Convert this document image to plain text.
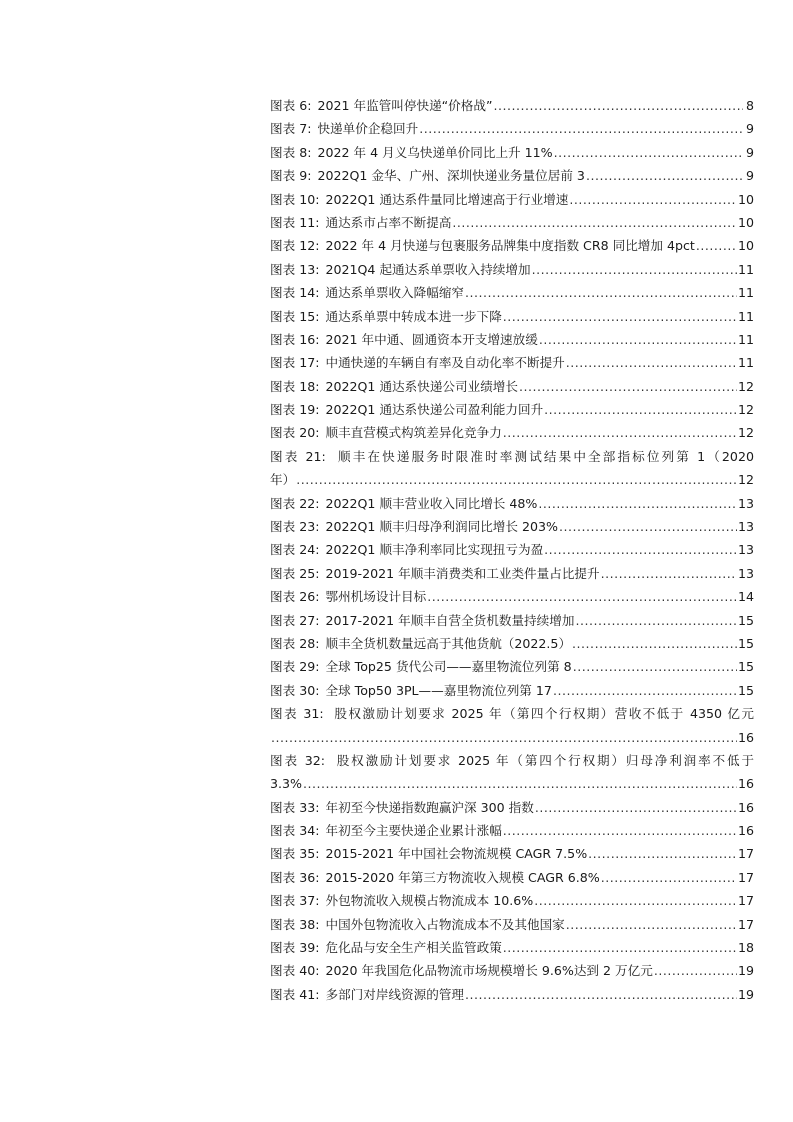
图表 6: 2021 年监管叫停快递“价格战” .....	8
图表 7: 快递单价企稳回升 .....	9
图表 8: 2022 年 4 月义乌快递单价同比上升 11% .....	9
图表 9: 2022Q1 金华、广州、深圳快递业务量位居前 3 .....	9
图表 10: 2022Q1 通达系件量同比增速高于行业增速 .....	10
图表 11: 通达系市占率不断提高 .....	10
图表 12: 2022 年 4 月快递与包裹服务品牌集中度指数 CR8 同比增加 4pct .....	10
图表 13: 2021Q4 起通达系单票收入持续增加 .....	11
图表 14: 通达系单票收入降幅缩窄 .....	11
图表 15: 通达系单票中转成本进一步下降 .....	11
图表 16: 2021 年中通、圆通资本开支增速放缓 .....	11
图表 17: 中通快递的车辆自有率及自动化率不断提升 .....	11
图表 18: 2022Q1 通达系快递公司业绩增长 .....	12
图表 19: 2022Q1 通达系快递公司盈利能力回升 .....	12
图表 20: 顺丰直营模式构筑差异化竞争力 .....	12
图表 21: 顺丰在快递服务时限准时率测试结果中全部指标位列第 1（2020
年） .....	12
图表 22: 2022Q1 顺丰营业收入同比增长 48% .....	13
图表 23: 2022Q1 顺丰归母净利润同比增长 203% .....	13
图表 24: 2022Q1 顺丰净利率同比实现扭亏为盈 .....	13
图表 25: 2019-2021 年顺丰消费类和工业类件量占比提升 .....	13
图表 26: 鄂州机场设计目标 .....	14
图表 27: 2017-2021 年顺丰自营全货机数量持续增加 .....	15
图表 28: 顺丰全货机数量远高于其他货航（2022.5） .....	15
图表 29: 全球 Top25 货代公司——嘉里物流位列第 8 .....	15
图表 30: 全球 Top50 3PL——嘉里物流位列第 17 .....	15
图表 31: 股权激励计划要求 2025 年（第四个行权期）营收不低于 4350 亿元
.....
16
图表 32: 股权激励计划要求 2025 年（第四个行权期）归母净利润率不低于
3.3% .....	16
图表 33: 年初至今快递指数跑赢沪深 300 指数 .....	16
图表 34: 年初至今主要快递企业累计涨幅 .....	16
图表 35: 2015-2021 年中国社会物流规模 CAGR 7.5% .....	17
图表 36: 2015-2020 年第三方物流收入规模 CAGR 6.8% .....	17
图表 37: 外包物流收入规模占物流成本 10.6% .....	17
图表 38: 中国外包物流收入占物流成本不及其他国家 .....	17
图表 39: 危化品与安全生产相关监管政策 .....	18
图表 40: 2020 年我国危化品物流市场规模增长 9.6%达到 2 万亿元 .....	19
图表 41: 多部门对岸线资源的管理 .....	19
